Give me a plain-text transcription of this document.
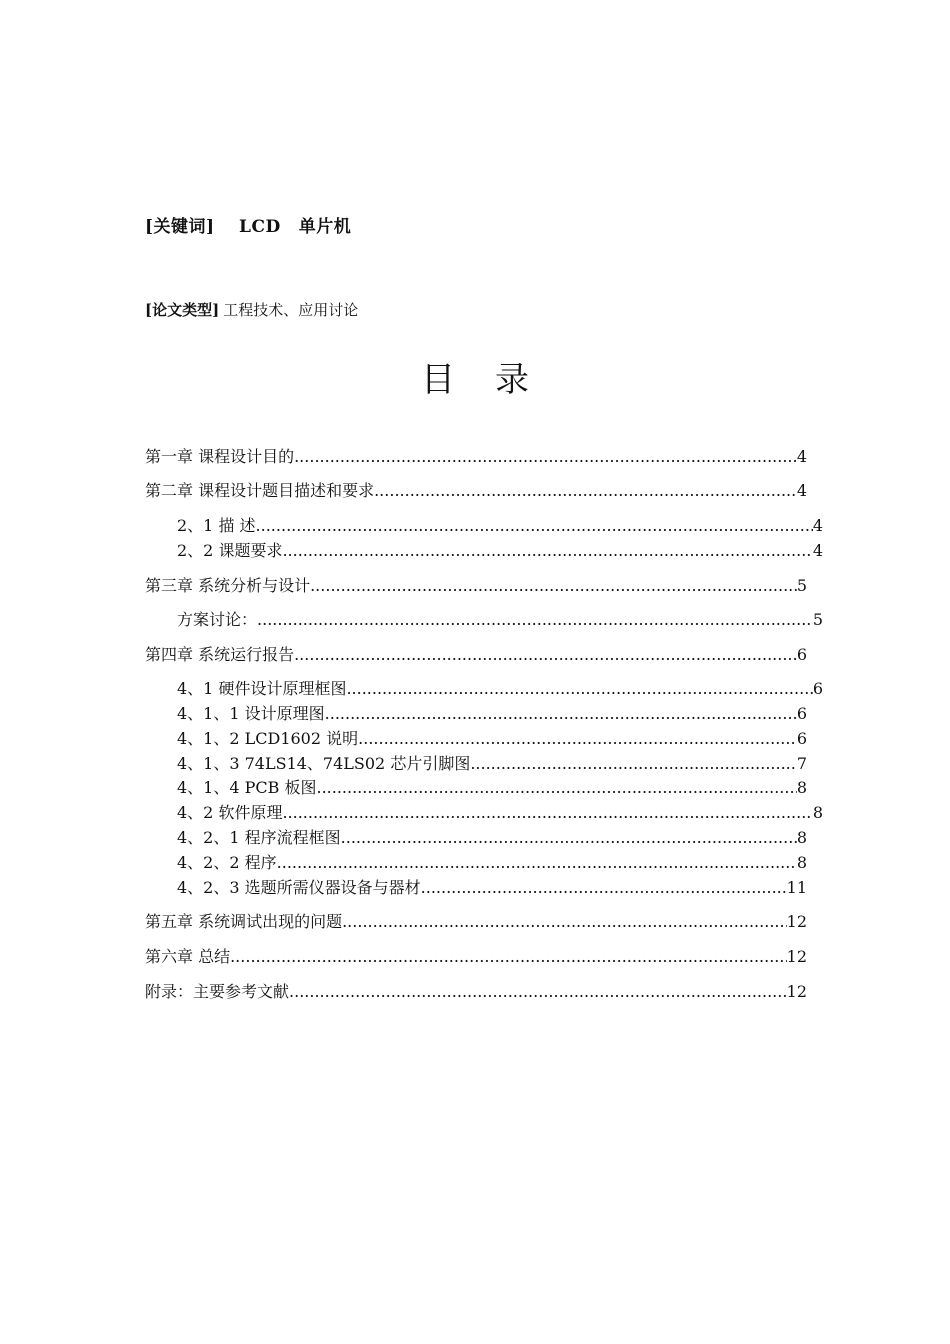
[关键词] LCD 单片机
[论文类型] 工程技术、应用讨论
目 录
第一章 课程设计目的 .....	4
第二章 课程设计题目描述和要求 .....	4
2、1 描 述 .....	4
2、2 课题要求 .....	4
第三章 系统分析与设计 .....	5
方案讨论： .....	5
第四章 系统运行报告 .....	6
4、1 硬件设计原理框图 .....	6
4、1、1 设计原理图 .....	6
4、1、2 LCD1602 说明 .....	6
4、1、3 74LS14、74LS02 芯片引脚图 .....	7
4、1、4 PCB 板图 .....	8
4、2 软件原理 .....	8
4、2、1 程序流程框图 .....	8
4、2、2 程序 .....	8
4、2、3 选题所需仪器设备与器材 .....	11
第五章 系统调试出现的问题 .....	12
第六章 总结 .....	12
附录：主要参考文献 .....	12
